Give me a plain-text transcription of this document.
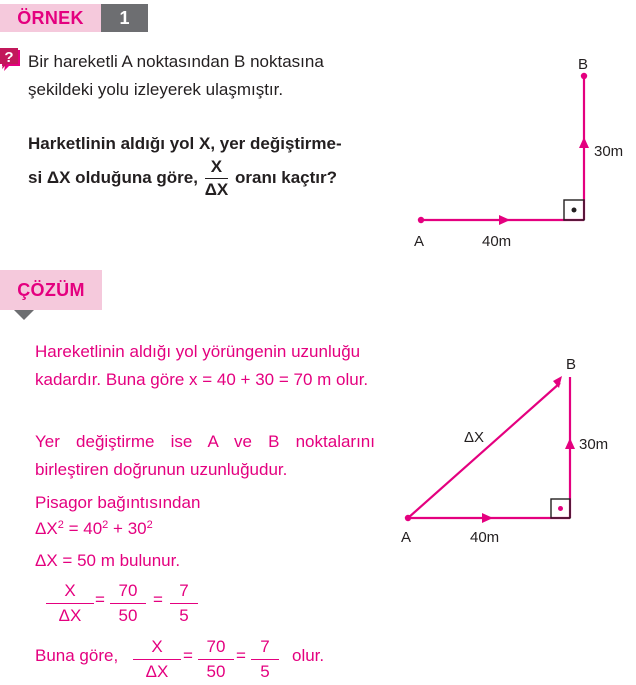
ÖRNEK	1
? Bir hareketli A noktasından B noktasına şekildeki yolu izleyerek ulaşmıştır.
Harketlinin aldığı yol X, yer değiştirme-
si ΔX olduğuna göre, $\frac{X}{\Delta X}$ oranı kaçtır?
A
B
40m
30m
ÇÖZÜM
Hareketlinin aldığı yol yörüngenin uzunluğu kadardır. Buna göre x = 40 + 30 = 70 m olur.
Yer değiştirme ise A ve B noktalarını birleştiren doğrunun uzunluğudur.
Pisagor bağıntısından
$\Delta X^2 = 40^2 + 30^2$
ΔX = 50 m bulunur.
X
ΔX
= 70
50
= 7
5
Buna göre,	X
ΔX
= 70
50
= 7
5
olur.
A
B
40m
30m
ΔX
